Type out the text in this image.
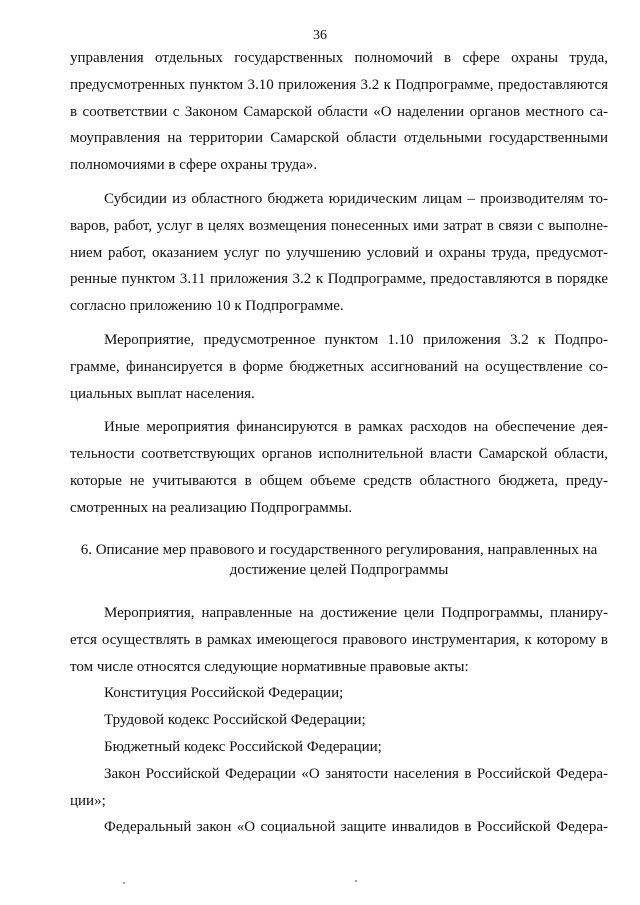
36

управления отдельных государственных полномочий в сфере охраны труда,

предусмотренных пунктом 3.10 приложения 3.2 к Подпрограмме, предоставляются

в соответствии с Законом Самарской области «О наделении органов местного са-

моуправления на территории Самарской области отдельными государственными

полномочиями в сфере охраны труда».

Субсидии из областного бюджета юридическим лицам – производителям то-

варов, работ, услуг в целях возмещения понесенных ими затрат в связи с выполне-

нием работ, оказанием услуг по улучшению условий и охраны труда, предусмот-

ренные пунктом 3.11 приложения 3.2 к Подпрограмме, предоставляются в порядке

согласно приложению 10 к Подпрограмме.

Мероприятие, предусмотренное пунктом 1.10 приложения 3.2 к Подпро-

грамме, финансируется в форме бюджетных ассигнований на осуществление со-

циальных выплат населения.

Иные мероприятия финансируются в рамках расходов на обеспечение дея-

тельности соответствующих органов исполнительной власти Самарской области,

которые не учитываются в общем объеме средств областного бюджета, преду-

смотренных на реализацию Подпрограммы.

6. Описание мер правового и государственного регулирования, направленных на
достижение целей Подпрограммы

Мероприятия, направленные на достижение цели Подпрограммы, планиру-

ется осуществлять в рамках имеющегося правового инструментария, к которому в

том числе относятся следующие нормативные правовые акты:

Конституция Российской Федерации;

Трудовой кодекс Российской Федерации;

Бюджетный кодекс Российской Федерации;

Закон Российской Федерации «О занятости населения в Российской Федера-

ции»;

Федеральный закон «О социальной защите инвалидов в Российской Федера-
